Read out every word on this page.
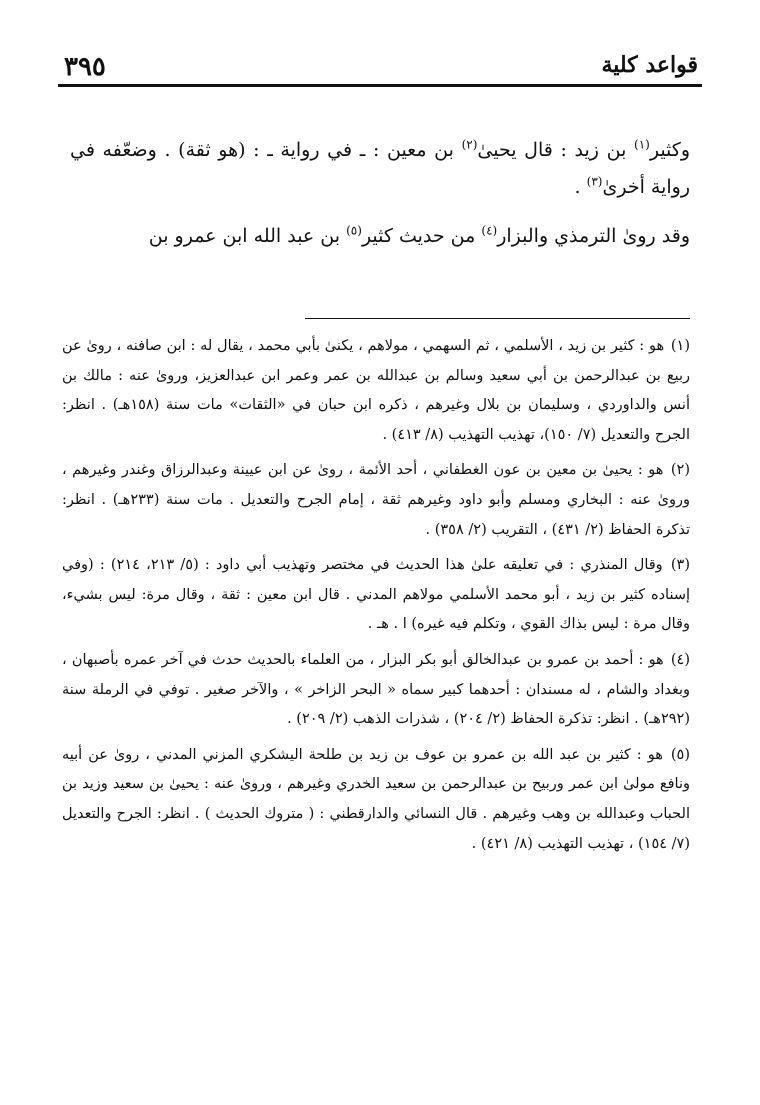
قواعد كلية
٣٩٥

وكثير$^{(١)}$ بن زيد : قال يحيىٰ$^{(٢)}$ بن معين : ـ في رواية ـ : (هو ثقة) . وضعّفه في رواية أخرىٰ$^{(٣)}$ .

وقد روىٰ الترمذي والبزار$^{(٤)}$ من حديث كثير$^{(٥)}$ بن عبد الله ابن عمرو بن

(١) هو : كثير بن زيد ، الأسلمي ، ثم السهمي ، مولاهم ، يكنىٰ بأبي محمد ، يقال له : ابن صافنه ، روىٰ عن ربيع بن عبدالرحمن بن أبي سعيد وسالم بن عبدالله بن عمر وعمر ابن عبدالعزيز، وروىٰ عنه : مالك بن أنس والداوردي ، وسليمان بن بلال وغيرهم ، ذكره ابن حبان في «الثقات» مات سنة (١٥٨هـ) . انظر: الجرح والتعديل (٧/ ١٥٠)، تهذيب التهذيب (٨/ ٤١٣) .

(٢) هو : يحيىٰ بن معين بن عون الغطفاني ، أحد الأئمة ، روىٰ عن ابن عيينة وعبدالرزاق وغندر وغيرهم ، وروىٰ عنه : البخاري ومسلم وأبو داود وغيرهم ثقة ، إمام الجرح والتعديل . مات سنة (٢٣٣هـ) . انظر: تذكرة الحفاظ (٢/ ٤٣١) ، التقريب (٢/ ٣٥٨) .

(٣) وقال المنذري : في تعليقه علىٰ هذا الحديث في مختصر وتهذيب أبي داود : (٥/ ٢١٣، ٢١٤) : (وفي إسناده كثير بن زيد ، أبو محمد الأسلمي مولاهم المدني . قال ابن معين : ثقة ، وقال مرة: ليس بشيء، وقال مرة : ليس بذاك القوي ، وتكلم فيه غيره) ا . هـ .

(٤) هو : أحمد بن عمرو بن عبدالخالق أبو بكر البزار ، من العلماء بالحديث حدث في آخر عمره بأصبهان ، وبغداد والشام ، له مسندان : أحدهما كبير سماه « البحر الزاخر » ، والآخر صغير . توفي في الرملة سنة (٢٩٢هـ) . انظر: تذكرة الحفاظ (٢/ ٢٠٤) ، شذرات الذهب (٢/ ٢٠٩) .

(٥) هو : كثير بن عبد الله بن عمرو بن عوف بن زيد بن طلحة اليشكري المزني المدني ، روىٰ عن أبيه ونافع مولىٰ ابن عمر وربيح بن عبدالرحمن بن سعيد الخدري وغيرهم ، وروىٰ عنه : يحيىٰ بن سعيد وزيد بن الحباب وعبدالله بن وهب وغيرهم . قال النسائي والدارقطني : ( متروك الحديث ) . انظر: الجرح والتعديل (٧/ ١٥٤) ، تهذيب التهذيب (٨/ ٤٢١) .
